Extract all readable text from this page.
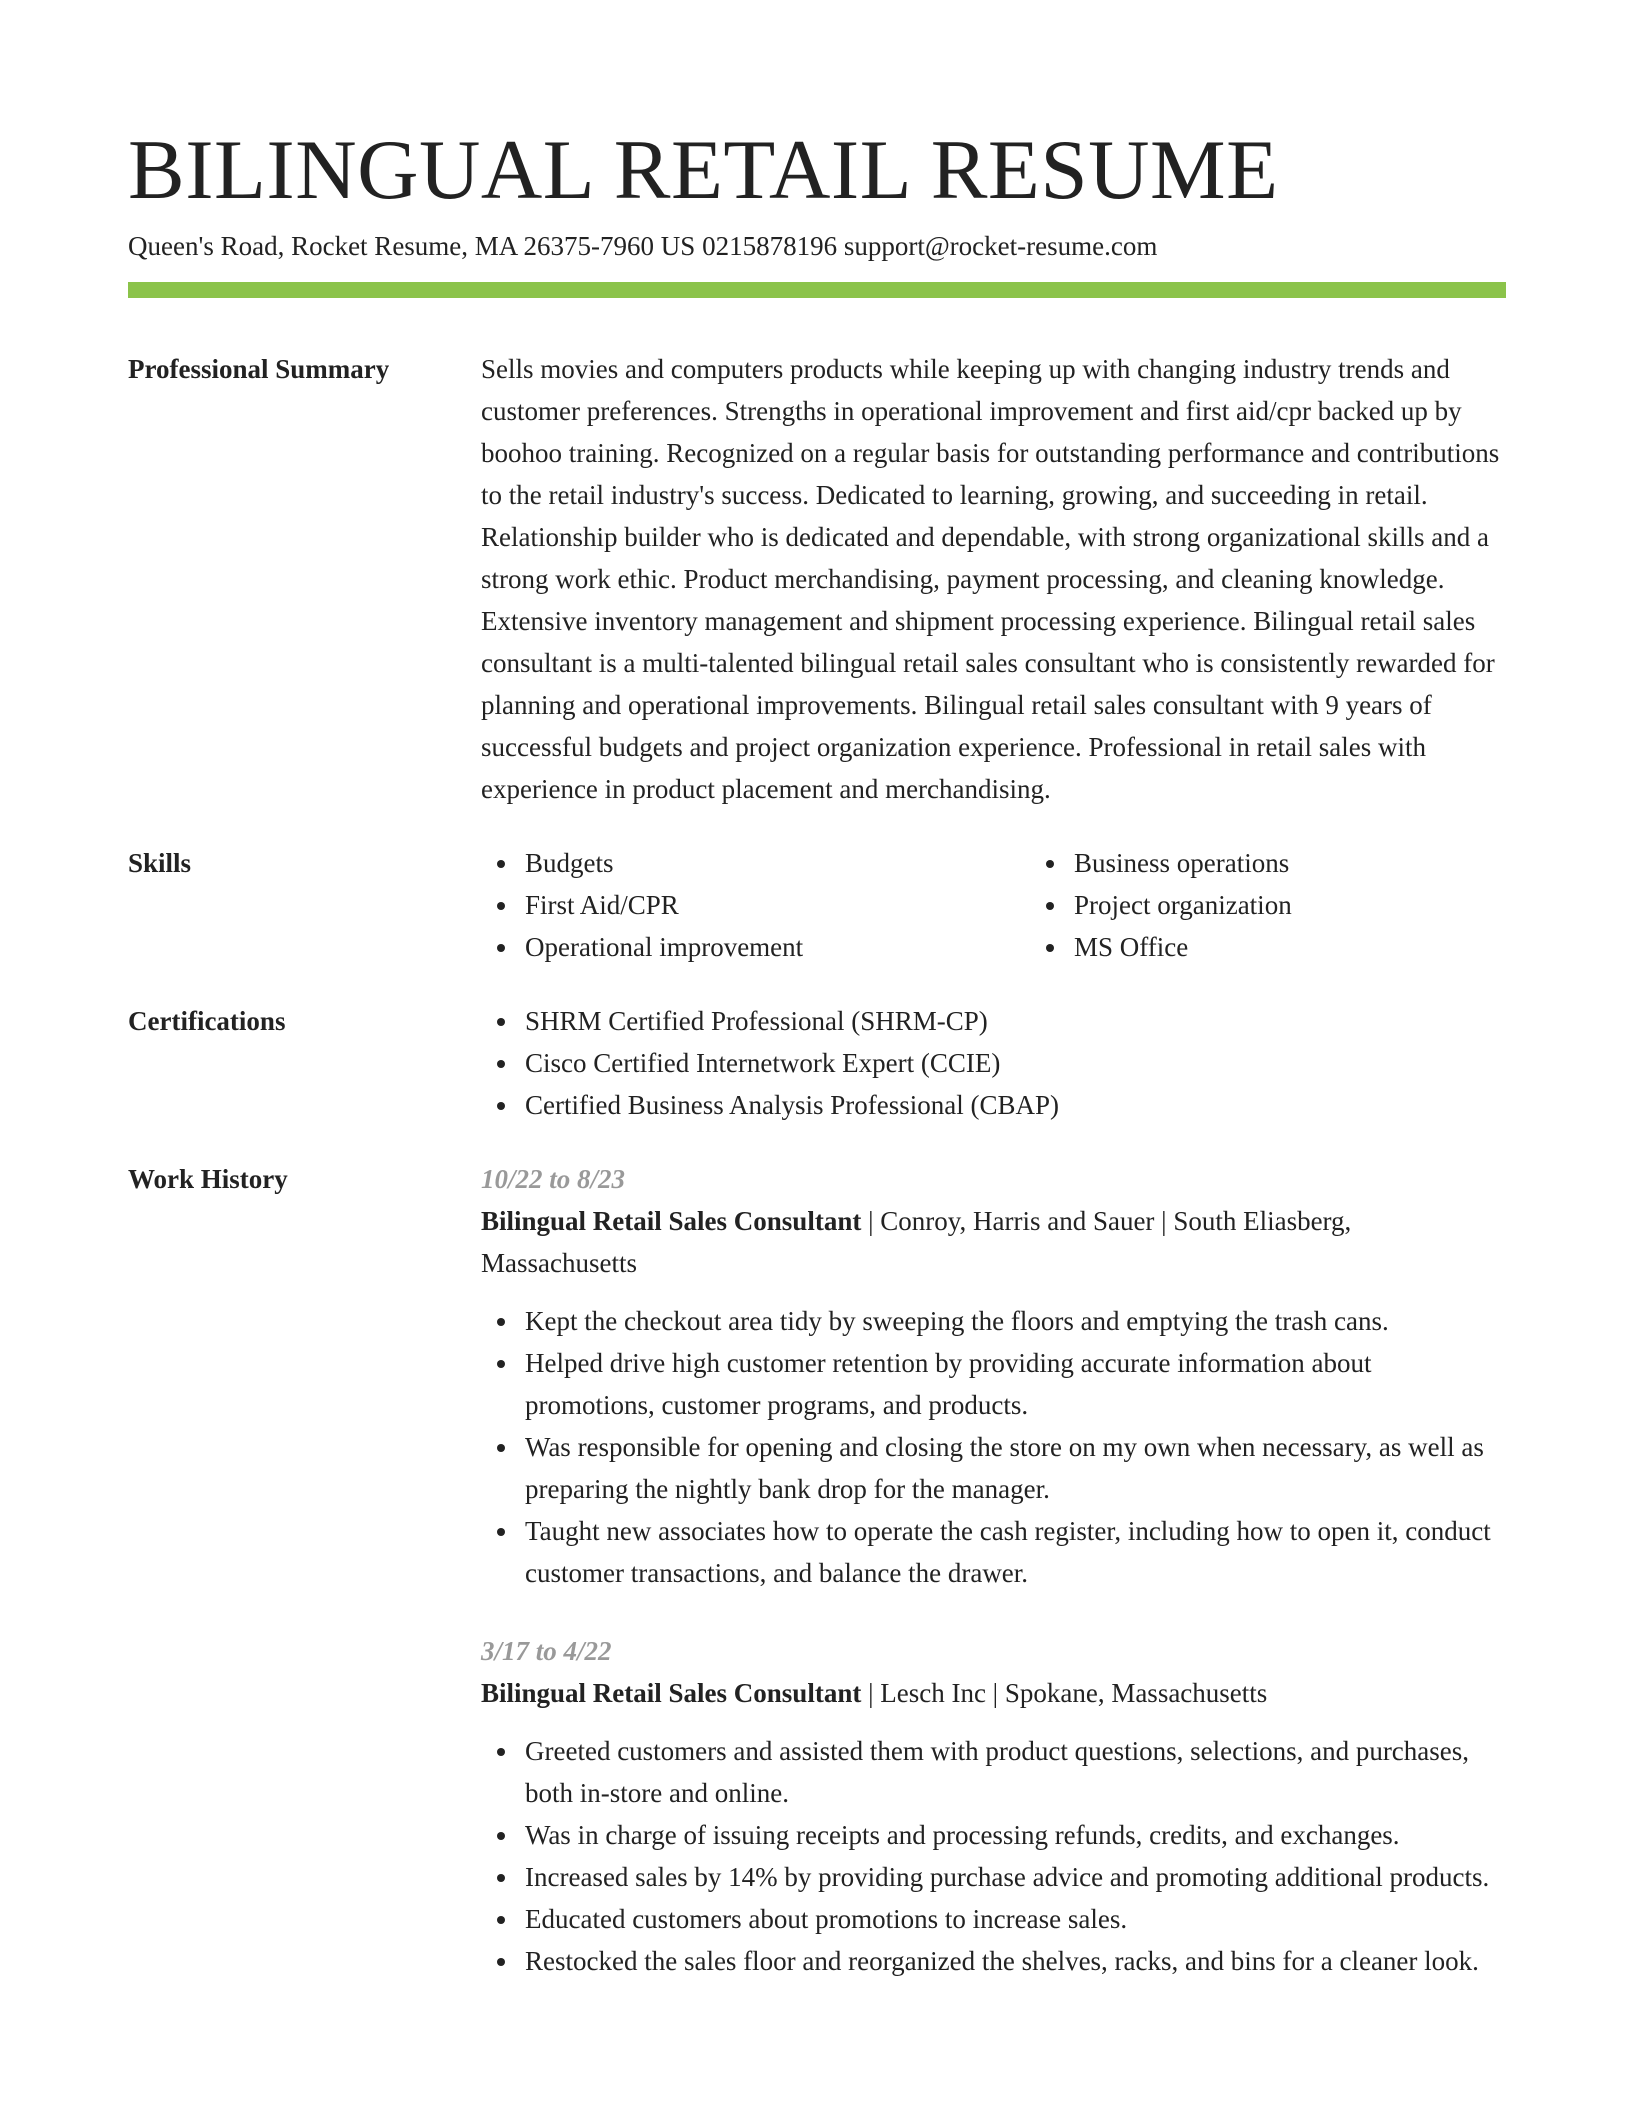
BILINGUAL RETAIL RESUME
Queen's Road, Rocket Resume, MA 26375-7960 US 0215878196 support@rocket-resume.com
Professional Summary	Sells movies and computers products while keeping up with changing industry trends and customer preferences. Strengths in operational improvement and first aid/cpr backed up by boohoo training. Recognized on a regular basis for outstanding performance and contributions to the retail industry's success. Dedicated to learning, growing, and succeeding in retail. Relationship builder who is dedicated and dependable, with strong organizational skills and a strong work ethic. Product merchandising, payment processing, and cleaning knowledge. Extensive inventory management and shipment processing experience. Bilingual retail sales consultant is a multi-talented bilingual retail sales consultant who is consistently rewarded for planning and operational improvements. Bilingual retail sales consultant with 9 years of successful budgets and project organization experience. Professional in retail sales with experience in product placement and merchandising.

Skills	Budgets
First Aid/CPR
Operational improvement
Business operations
Project organization
MS Office
Certifications	SHRM Certified Professional (SHRM-CP)
Cisco Certified Internetwork Expert (CCIE)
Certified Business Analysis Professional (CBAP)
Work History	10/22 to 8/23
Bilingual Retail Sales Consultant | Conroy, Harris and Sauer | South Eliasberg, Massachusetts
Kept the checkout area tidy by sweeping the floors and emptying the trash cans.
Helped drive high customer retention by providing accurate information about promotions, customer programs, and products.
Was responsible for opening and closing the store on my own when necessary, as well as preparing the nightly bank drop for the manager.
Taught new associates how to operate the cash register, including how to open it, conduct customer transactions, and balance the drawer.
3/17 to 4/22
Bilingual Retail Sales Consultant | Lesch Inc | Spokane, Massachusetts
Greeted customers and assisted them with product questions, selections, and purchases, both in-store and online.
Was in charge of issuing receipts and processing refunds, credits, and exchanges.
Increased sales by 14% by providing purchase advice and promoting additional products.
Educated customers about promotions to increase sales.
Restocked the sales floor and reorganized the shelves, racks, and bins for a cleaner look.
